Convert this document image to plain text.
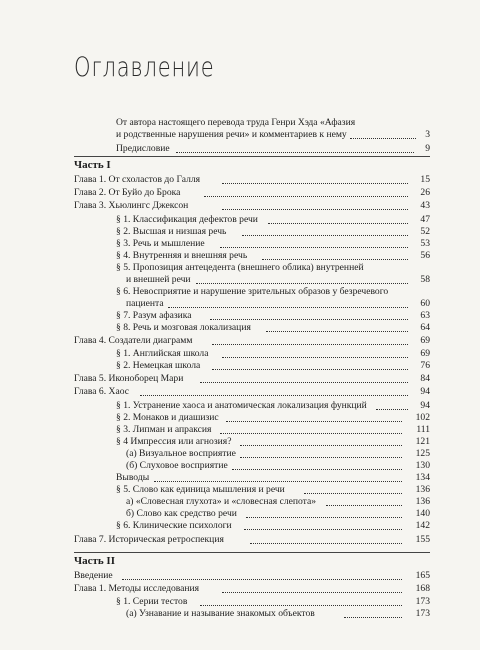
Оглавление
От автора настоящего перевода труда Генри Хэда «Афазия
и родственные нарушения речи» и комментариев к нему	3
Предисловие	9
Часть I
Глава 1. От схоластов до Галля	15
Глава 2. От Буйо до Брока	26
Глава 3. Хьюлингс Джексон	43
§ 1. Классификация дефектов речи	47
§ 2. Высшая и низшая речь	52
§ 3. Речь и мышление	53
§ 4. Внутренняя и внешняя речь	56
§ 5. Пропозиция антецедента (внешнего облика) внутренней
и внешней речи	58
§ 6. Невосприятие и нарушение зрительных образов у безречевого
пациента	60
§ 7. Разум афазика	63
§ 8. Речь и мозговая локализация	64
Глава 4. Создатели диаграмм	69
§ 1. Английская школа	69
§ 2. Немецкая школа	76
Глава 5. Иконоборец Мари	84
Глава 6. Хаос	94
§ 1. Устранение хаоса и анатомическая локализация функций	94
§ 2. Монаков и диашизис	102
§ 3. Липман и апраксия	111
§ 4 Импрессия или агнозия?	121
(а) Визуальное восприятие	125
(б) Слуховое восприятие	130
Выводы	134
§ 5. Слово как единица мышления и речи	136
а) «Словесная глухота» и «словесная слепота»	136
б) Слово как средство речи	140
§ 6. Клинические психологи	142
Глава 7. Историческая ретроспекция	155
Часть II
Введение	165
Глава 1. Методы исследования	168
§ 1. Серии тестов	173
(а) Узнавание и называние знакомых объектов	173
